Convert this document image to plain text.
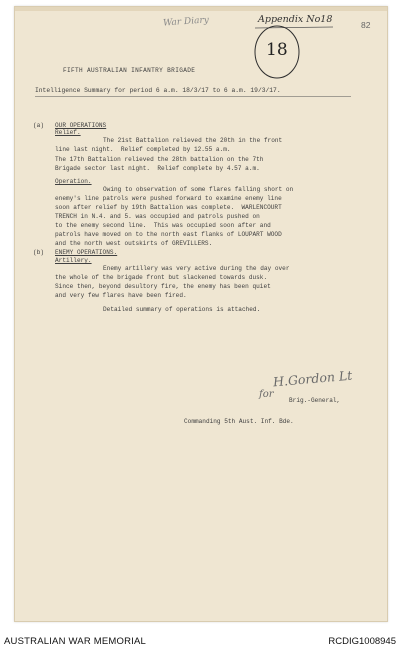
War Diary	Appendix No18	82
18
FIFTH AUSTRALIAN INFANTRY BRIGADE
Intelligence Summary for period 6 a.m. 18/3/17 to 6 a.m. 19/3/17.
(a) OUR OPERATIONS
Relief.
The 21st Battalion relieved the 20th in the front
line last night.  Relief completed by 12.55 a.m.
The 17th Battalion relieved the 28th battalion on the 7th
Brigade sector last night.  Relief complete by 4.57 a.m.
Operation.
Owing to observation of some flares falling short on
enemy's line patrols were pushed forward to examine enemy line
soon after relief by 19th Battalion was complete.  WARLENCOURT
TRENCH in N.4. and 5. was occupied and patrols pushed on
to the enemy second line.  This was occupied soon after and
patrols have moved on to the north east flanks of LOUPART WOOD
and the north west outskirts of GREVILLERS.
(b) ENEMY OPERATIONS.
Artillery.
Enemy artillery was very active during the day over
the whole of the brigade front but slackened towards dusk.
Since then, beyond desultory fire, the enemy has been quiet
and very few flares have been fired.
Detailed summary of operations is attached.
H.Gordon Lt
for
Brig.-General,
Commanding 5th Aust. Inf. Bde.
AUSTRALIAN WAR MEMORIAL	RCDIG1008945
